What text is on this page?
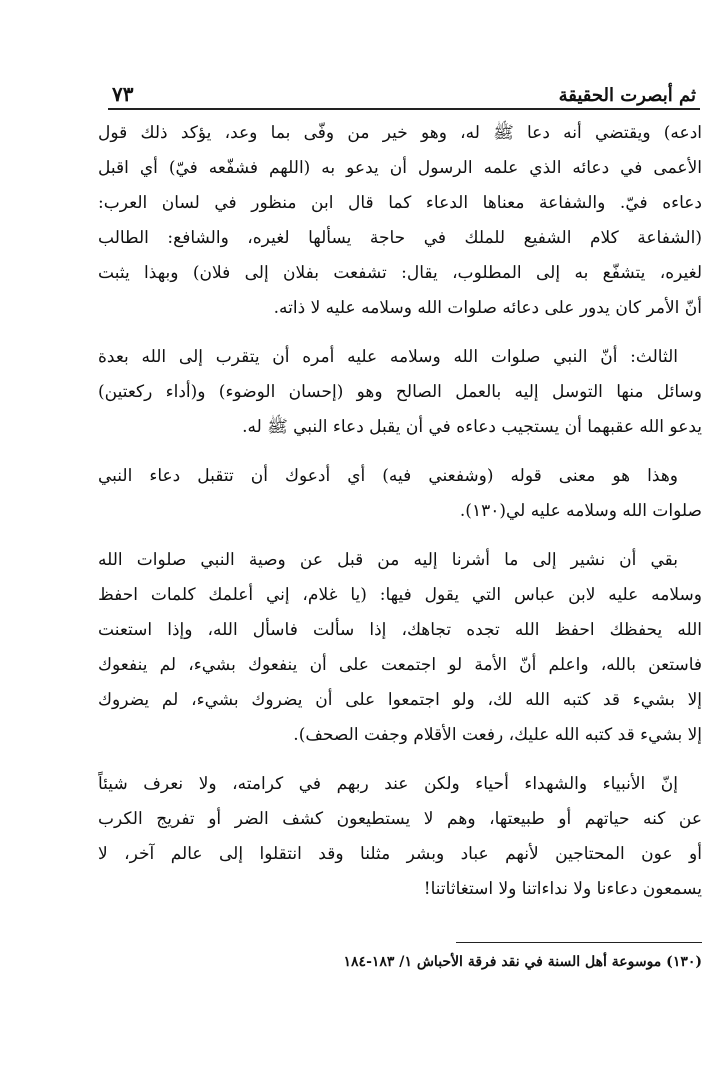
ثم أبصرت الحقيقة
٧٣
ادعه) ويقتضي أنه دعا ﷺ له، وهو خير من وفّى بما وعد، يؤكد ذلك قول
الأعمى في دعائه الذي علمه الرسول أن يدعو به (اللهم فشفّعه فيّ) أي اقبل
دعاءه فيّ. والشفاعة معناها الدعاء كما قال ابن منظور في لسان العرب:
(الشفاعة كلام الشفيع للملك في حاجة يسألها لغيره، والشافع: الطالب
لغيره، يتشفّع به إلى المطلوب، يقال: تشفعت بفلان إلى فلان) وبهذا يثبت
أنّ الأمر كان يدور على دعائه صلوات الله وسلامه عليه لا ذاته.
الثالث: أنّ النبي صلوات الله وسلامه عليه أمره أن يتقرب إلى الله بعدة
وسائل منها التوسل إليه بالعمل الصالح وهو (إحسان الوضوء) و(أداء ركعتين)
يدعو الله عقبهما أن يستجيب دعاءه في أن يقبل دعاء النبي ﷺ له.
وهذا هو معنى قوله (وشفعني فيه) أي أدعوك أن تتقبل دعاء النبي
صلوات الله وسلامه عليه لي(١٣٠).
بقي أن نشير إلى ما أشرنا إليه من قبل عن وصية النبي صلوات الله
وسلامه عليه لابن عباس التي يقول فيها: (يا غلام، إني أعلمك كلمات احفظ
الله يحفظك احفظ الله تجده تجاهك، إذا سألت فاسأل الله، وإذا استعنت
فاستعن بالله، واعلم أنّ الأمة لو اجتمعت على أن ينفعوك بشيء، لم ينفعوك
إلا بشيء قد كتبه الله لك، ولو اجتمعوا على أن يضروك بشيء، لم يضروك
إلا بشيء قد كتبه الله عليك، رفعت الأقلام وجفت الصحف).
إنّ الأنبياء والشهداء أحياء ولكن عند ربهم في كرامته، ولا نعرف شيئاً
عن كنه حياتهم أو طبيعتها، وهم لا يستطيعون كشف الضر أو تفريج الكرب
أو عون المحتاجين لأنهم عباد وبشر مثلنا وقد انتقلوا إلى عالم آخر، لا
يسمعون دعاءنا ولا نداءاتنا ولا استغاثاتنا!
(١٣٠) موسوعة أهل السنة في نقد فرقة الأحباش ١/ ١٨٣-١٨٤
